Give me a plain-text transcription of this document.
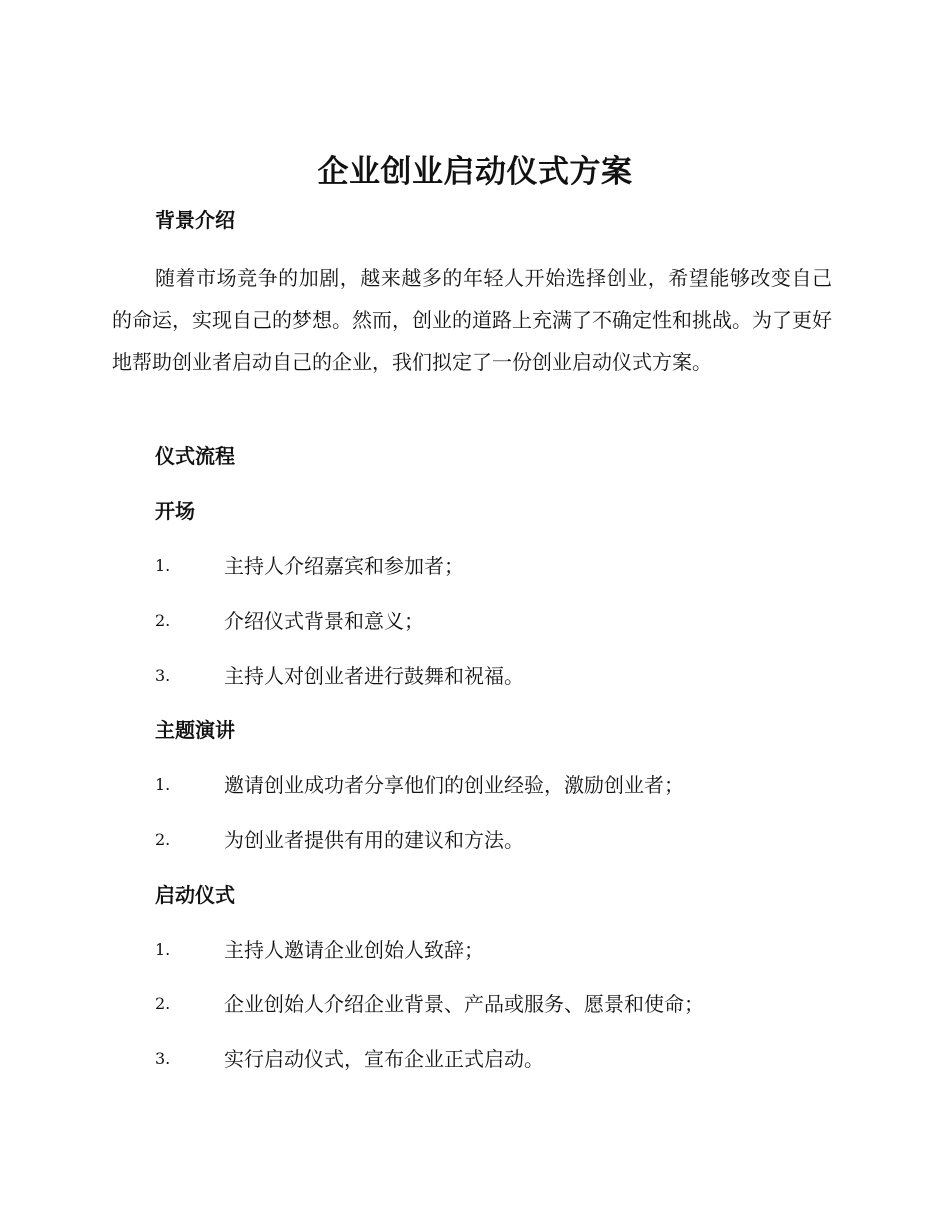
企业创业启动仪式方案
背景介绍

随着市场竞争的加剧，越来越多的年轻人开始选择创业，希望能够改变自己的命运，实现自己的梦想。然而，创业的道路上充满了不确定性和挑战。为了更好地帮助创业者启动自己的企业，我们拟定了一份创业启动仪式方案。

仪式流程
开场
1.	主持人介绍嘉宾和参加者；
2.	介绍仪式背景和意义；
3.	主持人对创业者进行鼓舞和祝福。
主题演讲
1.	邀请创业成功者分享他们的创业经验，激励创业者；
2.	为创业者提供有用的建议和方法。
启动仪式
1.	主持人邀请企业创始人致辞；
2.	企业创始人介绍企业背景、产品或服务、愿景和使命；
3.	实行启动仪式，宣布企业正式启动。
